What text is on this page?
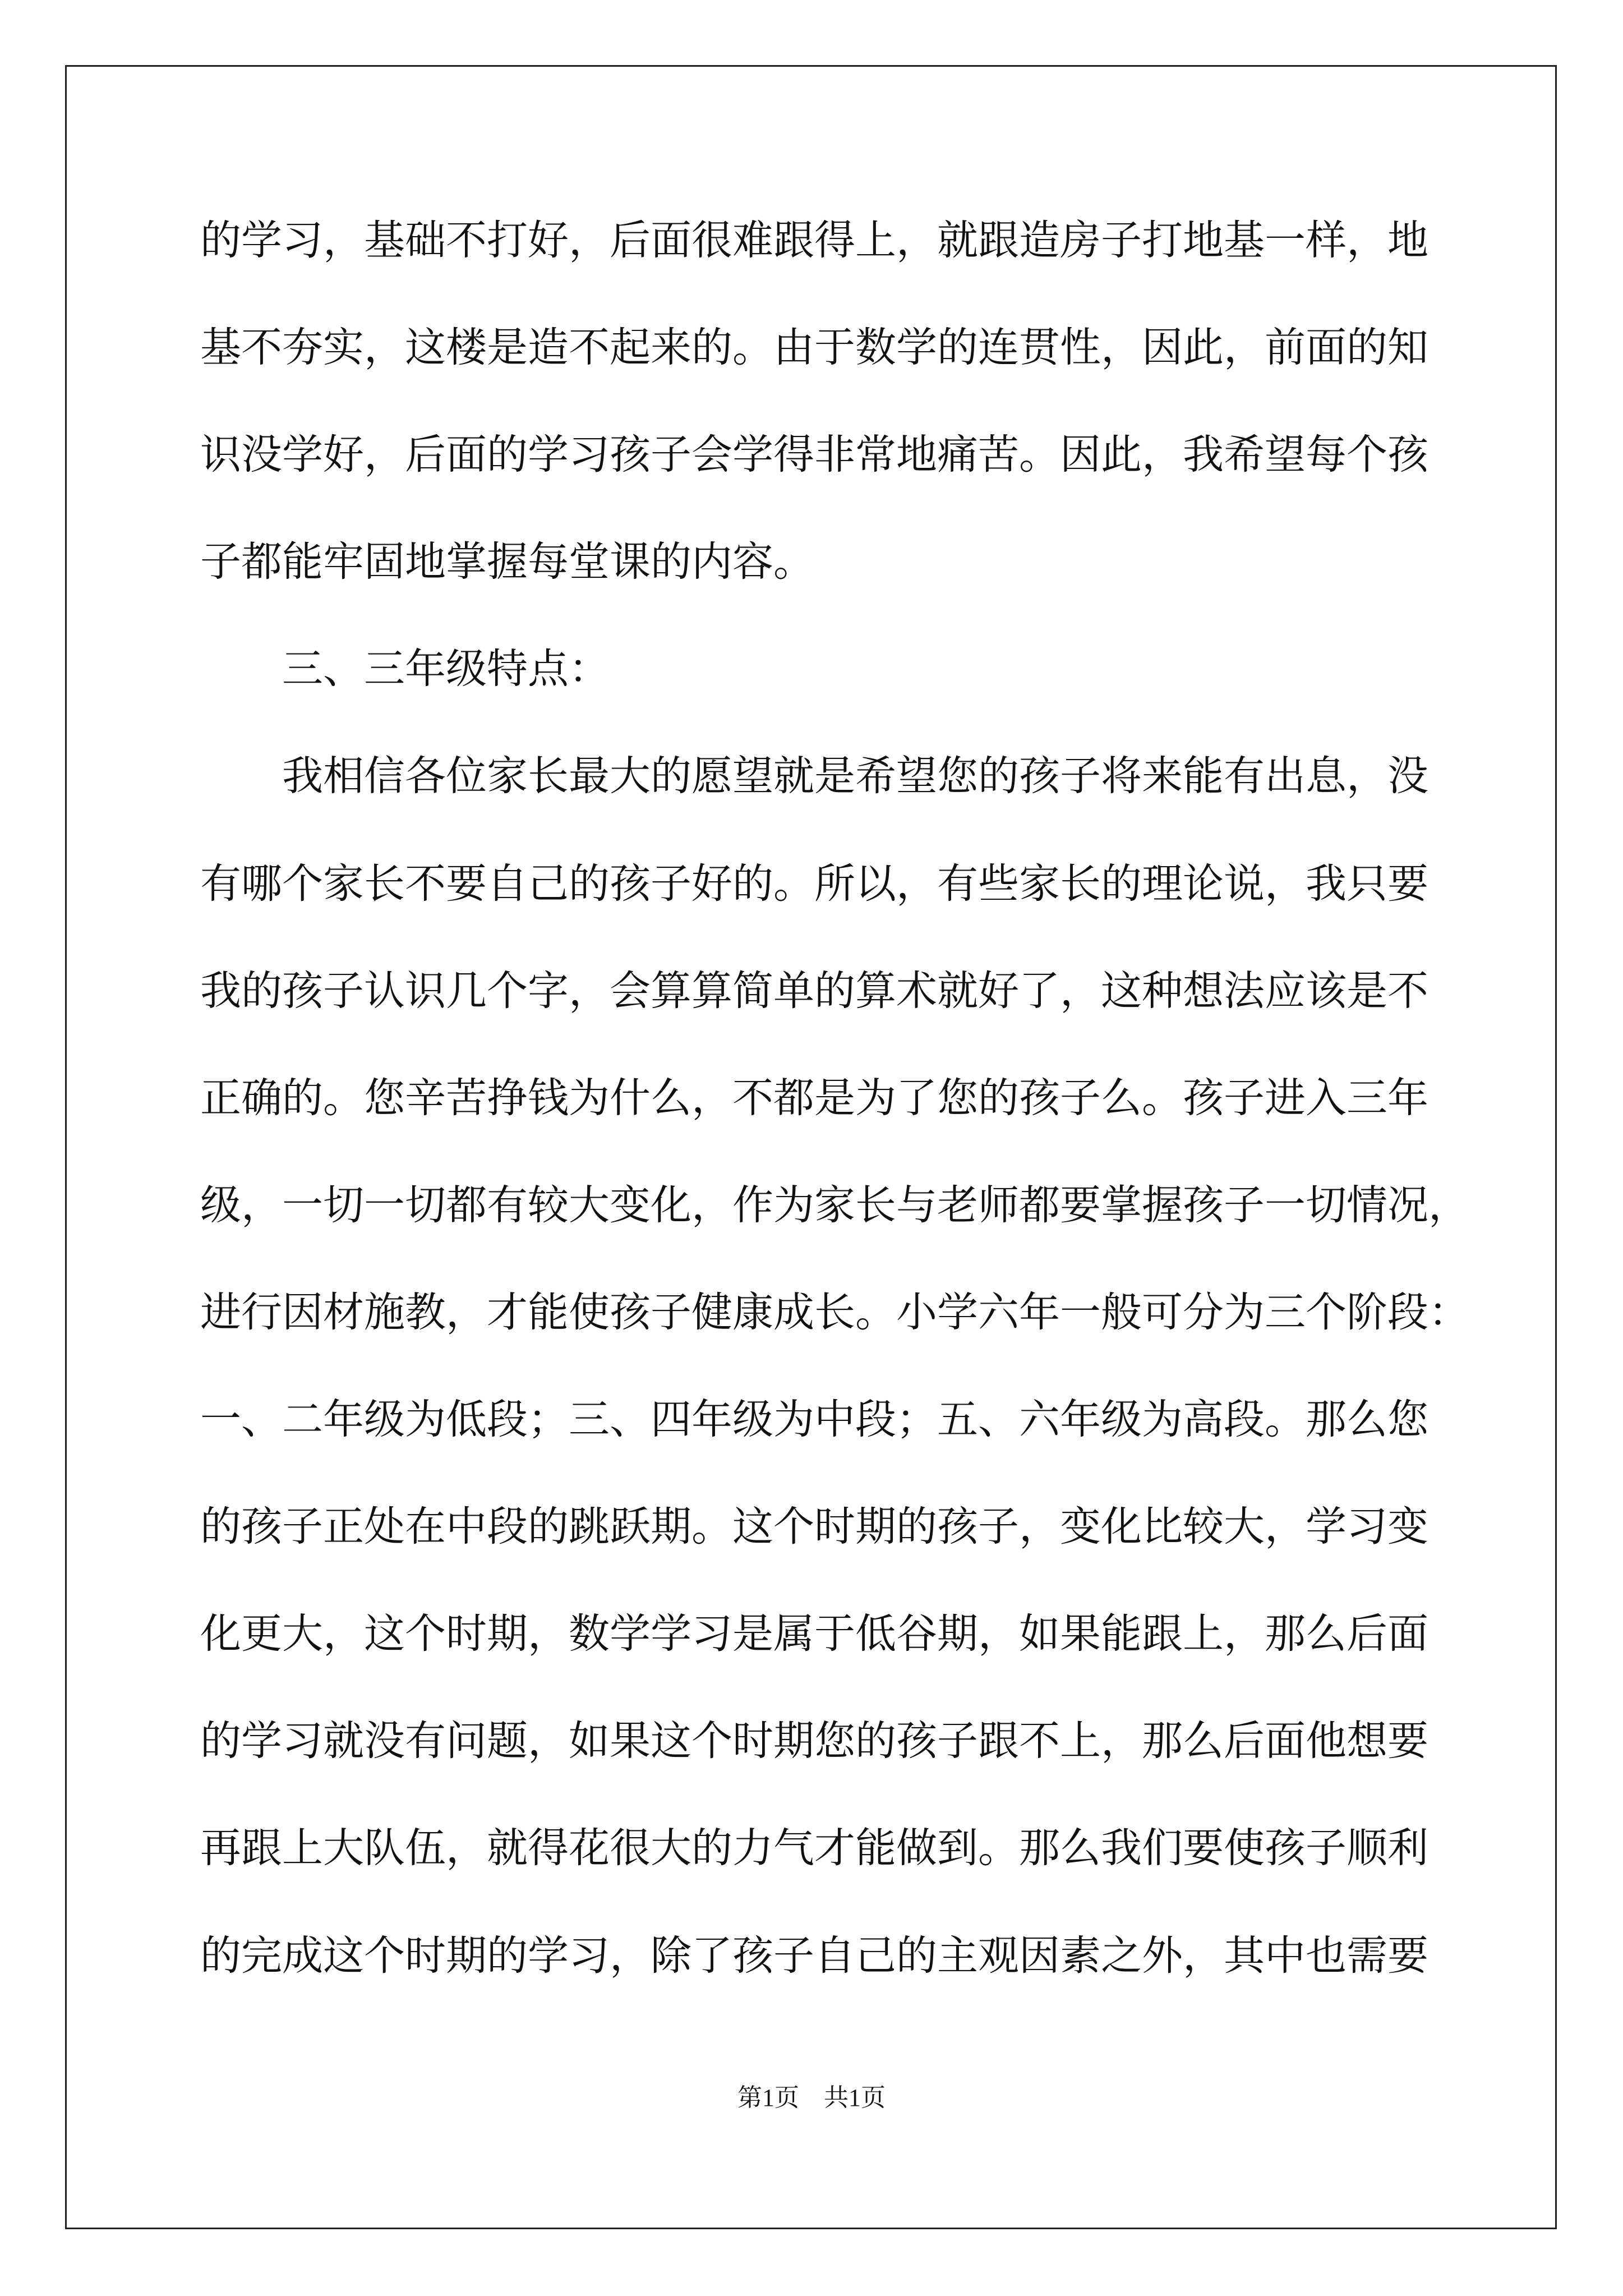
的学习，基础不打好，后面很难跟得上，就跟造房子打地基一样，地
基不夯实，这楼是造不起来的。由于数学的连贯性，因此，前面的知
识没学好，后面的学习孩子会学得非常地痛苦。因此，我希望每个孩
子都能牢固地掌握每堂课的内容。
　　三、三年级特点：
　　我相信各位家长最大的愿望就是希望您的孩子将来能有出息，没
有哪个家长不要自己的孩子好的。所以，有些家长的理论说，我只要
我的孩子认识几个字，会算算简单的算术就好了，这种想法应该是不
正确的。您辛苦挣钱为什么，不都是为了您的孩子么。孩子进入三年
级，一切一切都有较大变化，作为家长与老师都要掌握孩子一切情况，
进行因材施教，才能使孩子健康成长。小学六年一般可分为三个阶段：
一、二年级为低段；三、四年级为中段；五、六年级为高段。那么您
的孩子正处在中段的跳跃期。这个时期的孩子，变化比较大，学习变
化更大，这个时期，数学学习是属于低谷期，如果能跟上，那么后面
的学习就没有问题，如果这个时期您的孩子跟不上，那么后面他想要
再跟上大队伍，就得花很大的力气才能做到。那么我们要使孩子顺利
的完成这个时期的学习，除了孩子自己的主观因素之外，其中也需要
第1页　共1页
